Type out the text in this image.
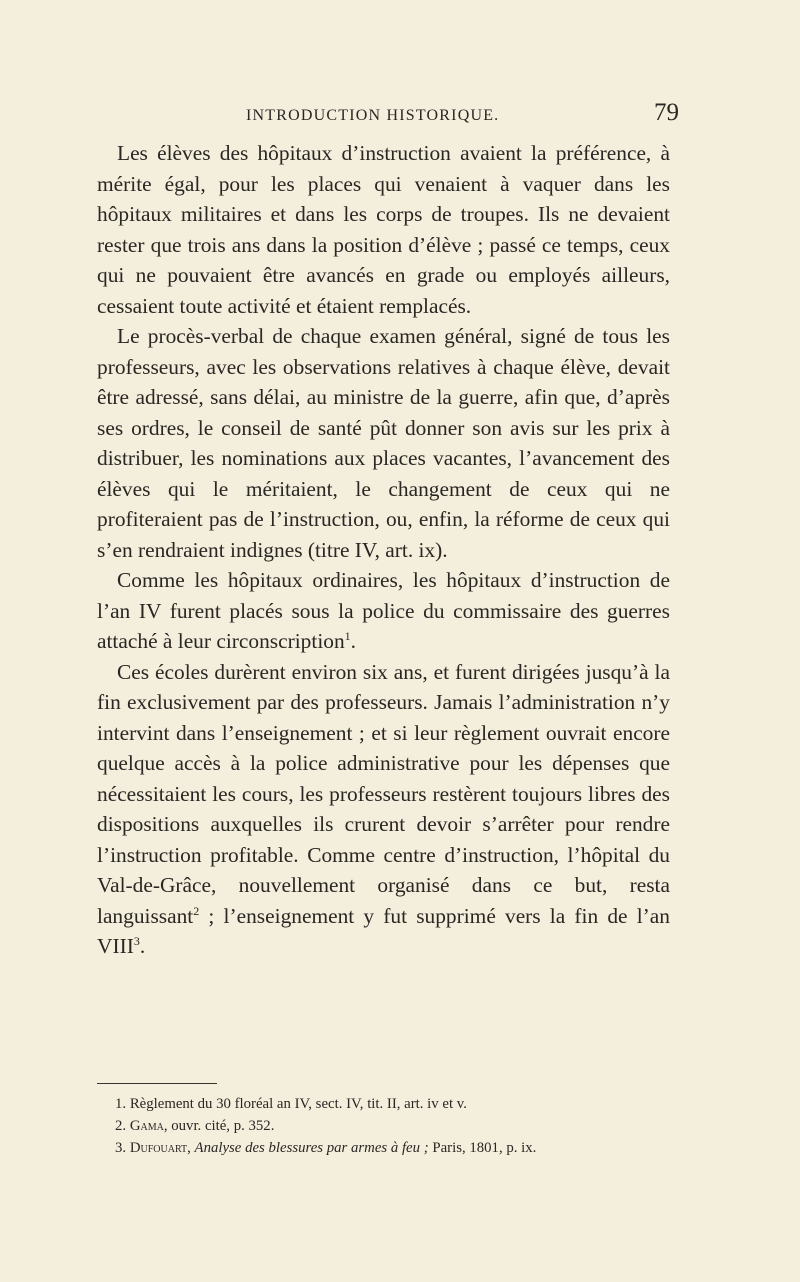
INTRODUCTION HISTORIQUE.	79

Les élèves des hôpitaux d’instruction avaient la préférence, à mérite égal, pour les places qui venaient à vaquer dans les hôpitaux militaires et dans les corps de troupes. Ils ne devaient rester que trois ans dans la position d’élève ; passé ce temps, ceux qui ne pouvaient être avancés en grade ou employés ailleurs, cessaient toute activité et étaient remplacés.

Le procès-verbal de chaque examen général, signé de tous les professeurs, avec les observations relatives à chaque élève, devait être adressé, sans délai, au ministre de la guerre, afin que, d’après ses ordres, le conseil de santé pût donner son avis sur les prix à distribuer, les nominations aux places vacantes, l’avancement des élèves qui le méritaient, le changement de ceux qui ne profiteraient pas de l’instruction, ou, enfin, la réforme de ceux qui s’en rendraient indignes (titre IV, art. ix).

Comme les hôpitaux ordinaires, les hôpitaux d’instruction de l’an IV furent placés sous la police du commissaire des guerres attaché à leur circonscription$^1$.

Ces écoles durèrent environ six ans, et furent dirigées jusqu’à la fin exclusivement par des professeurs. Jamais l’administration n’y intervint dans l’enseignement ; et si leur règlement ouvrait encore quelque accès à la police administrative pour les dépenses que nécessitaient les cours, les professeurs restèrent toujours libres des dispositions auxquelles ils crurent devoir s’arrêter pour rendre l’instruction profitable. Comme centre d’instruction, l’hôpital du Val-de-Grâce, nouvellement organisé dans ce but, resta languissant$^2$ ; l’enseignement y fut supprimé vers la fin de l’an VIII$^3$.

1. Règlement du 30 floréal an IV, sect. IV, tit. II, art. iv et v.
2. Gama, ouvr. cité, p. 352.
3. Dufouart, Analyse des blessures par armes à feu ; Paris, 1801, p. ix.
